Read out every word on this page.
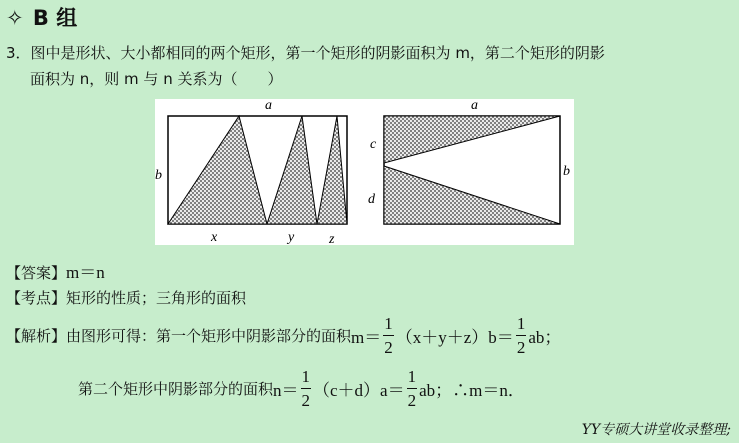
✧ B 组
3．图中是形状、大小都相同的两个矩形，第一个矩形的阴影面积为 m，第二个矩形的阴影
面积为 n，则 m 与 n 关系为（　　）
a
b
x	y z
a
b
c
d
【答案】m＝n
【考点】矩形的性质；三角形的面积
【解析】 由图形可得：第一个矩形中阴影部分的面积 $m= \frac{1}{2} (x+y+z)b= \frac{1}{2}$ ab；
第二个矩形中阴影部分的面积 $n= \frac{1}{2} (c+d)a= \frac{1}{2}$ ab；∴m＝n．
YY专硕大讲堂收录整理;
